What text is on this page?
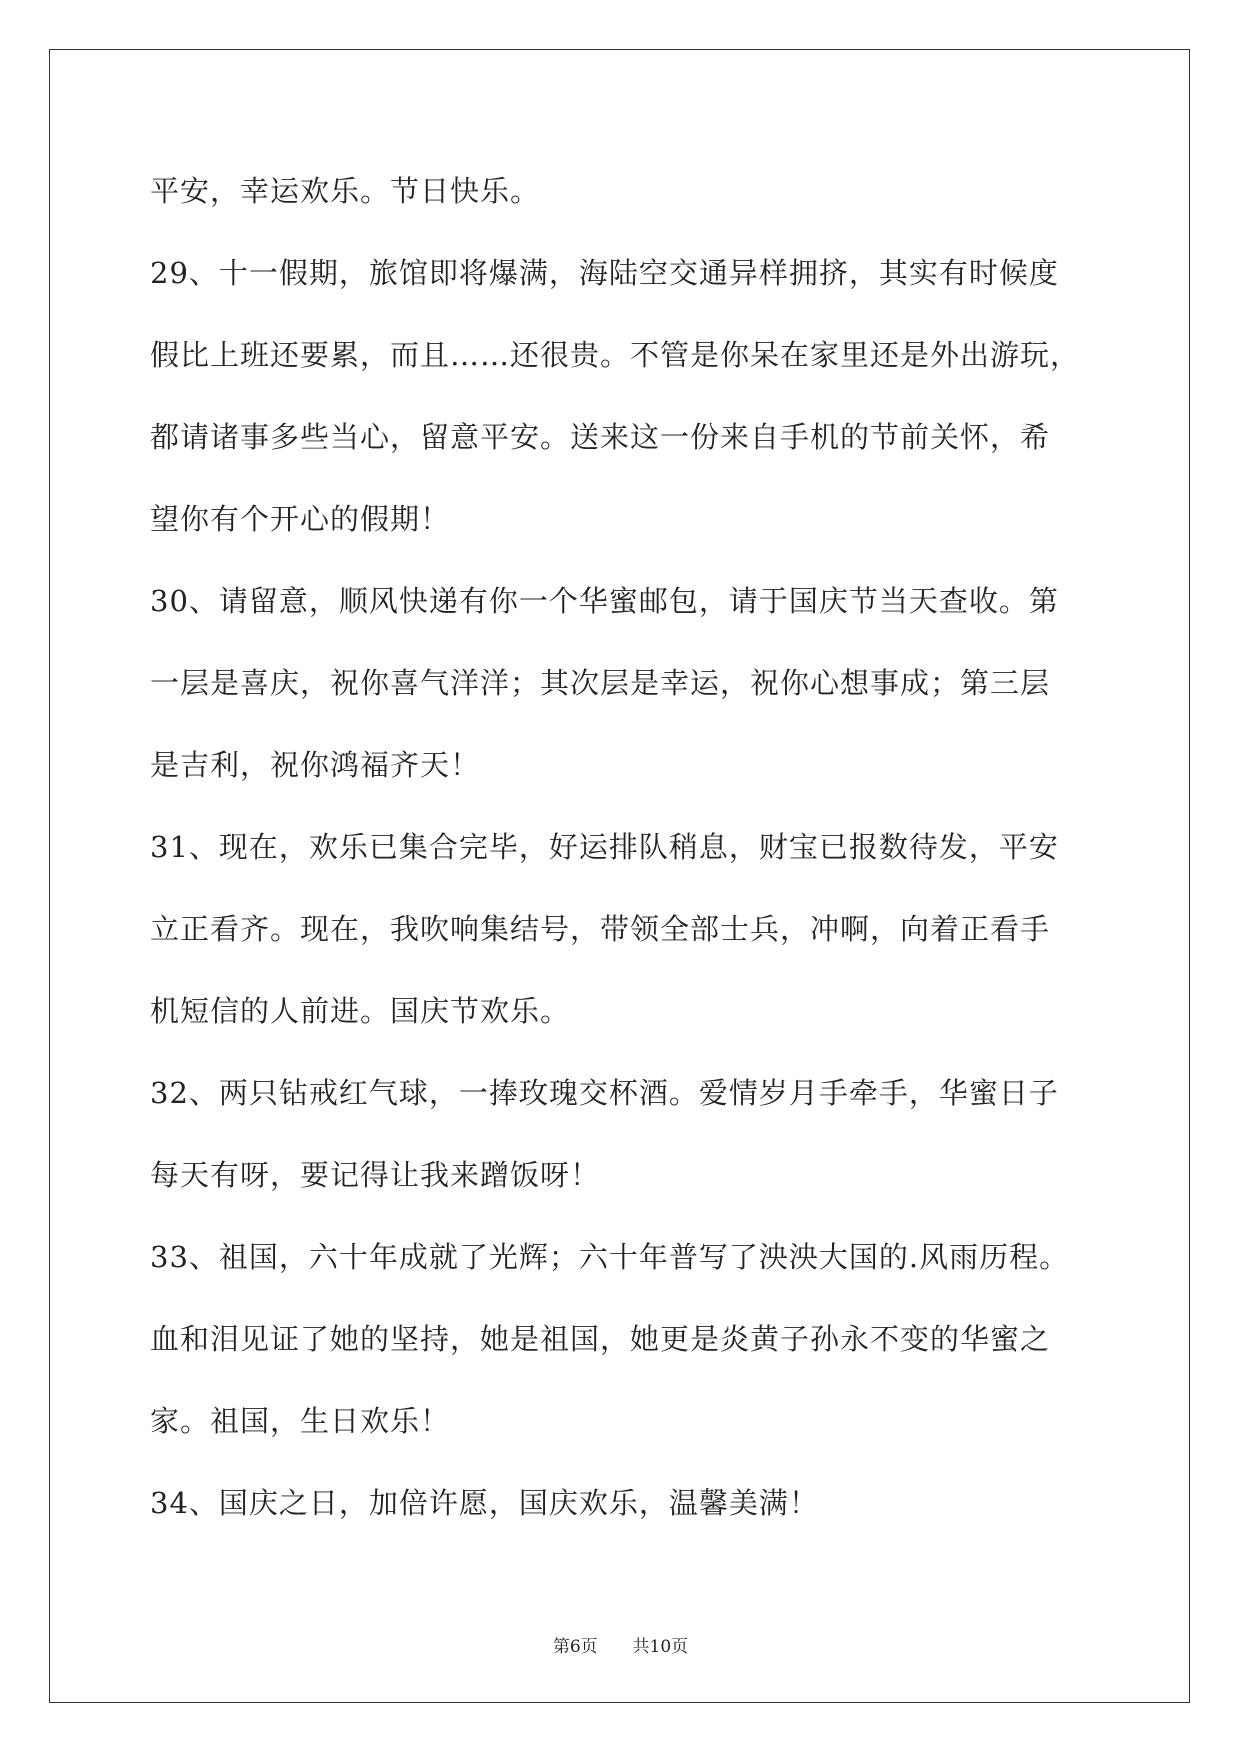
平安，幸运欢乐。节日快乐。
29、十一假期，旅馆即将爆满，海陆空交通异样拥挤，其实有时候度
假比上班还要累，而且……还很贵。不管是你呆在家里还是外出游玩，
都请诸事多些当心，留意平安。送来这一份来自手机的节前关怀，希
望你有个开心的假期！
30、请留意，顺风快递有你一个华蜜邮包，请于国庆节当天查收。第
一层是喜庆，祝你喜气洋洋；其次层是幸运，祝你心想事成；第三层
是吉利，祝你鸿福齐天！
31、现在，欢乐已集合完毕，好运排队稍息，财宝已报数待发，平安
立正看齐。现在，我吹响集结号，带领全部士兵，冲啊，向着正看手
机短信的人前进。国庆节欢乐。
32、两只钻戒红气球，一捧玫瑰交杯酒。爱情岁月手牵手，华蜜日子
每天有呀，要记得让我来蹭饭呀！
33、祖国，六十年成就了光辉；六十年普写了泱泱大国的.风雨历程。
血和泪见证了她的坚持，她是祖国，她更是炎黄子孙永不变的华蜜之
家。祖国，生日欢乐！
34、国庆之日，加倍许愿，国庆欢乐，温馨美满！
第6页 共10页
